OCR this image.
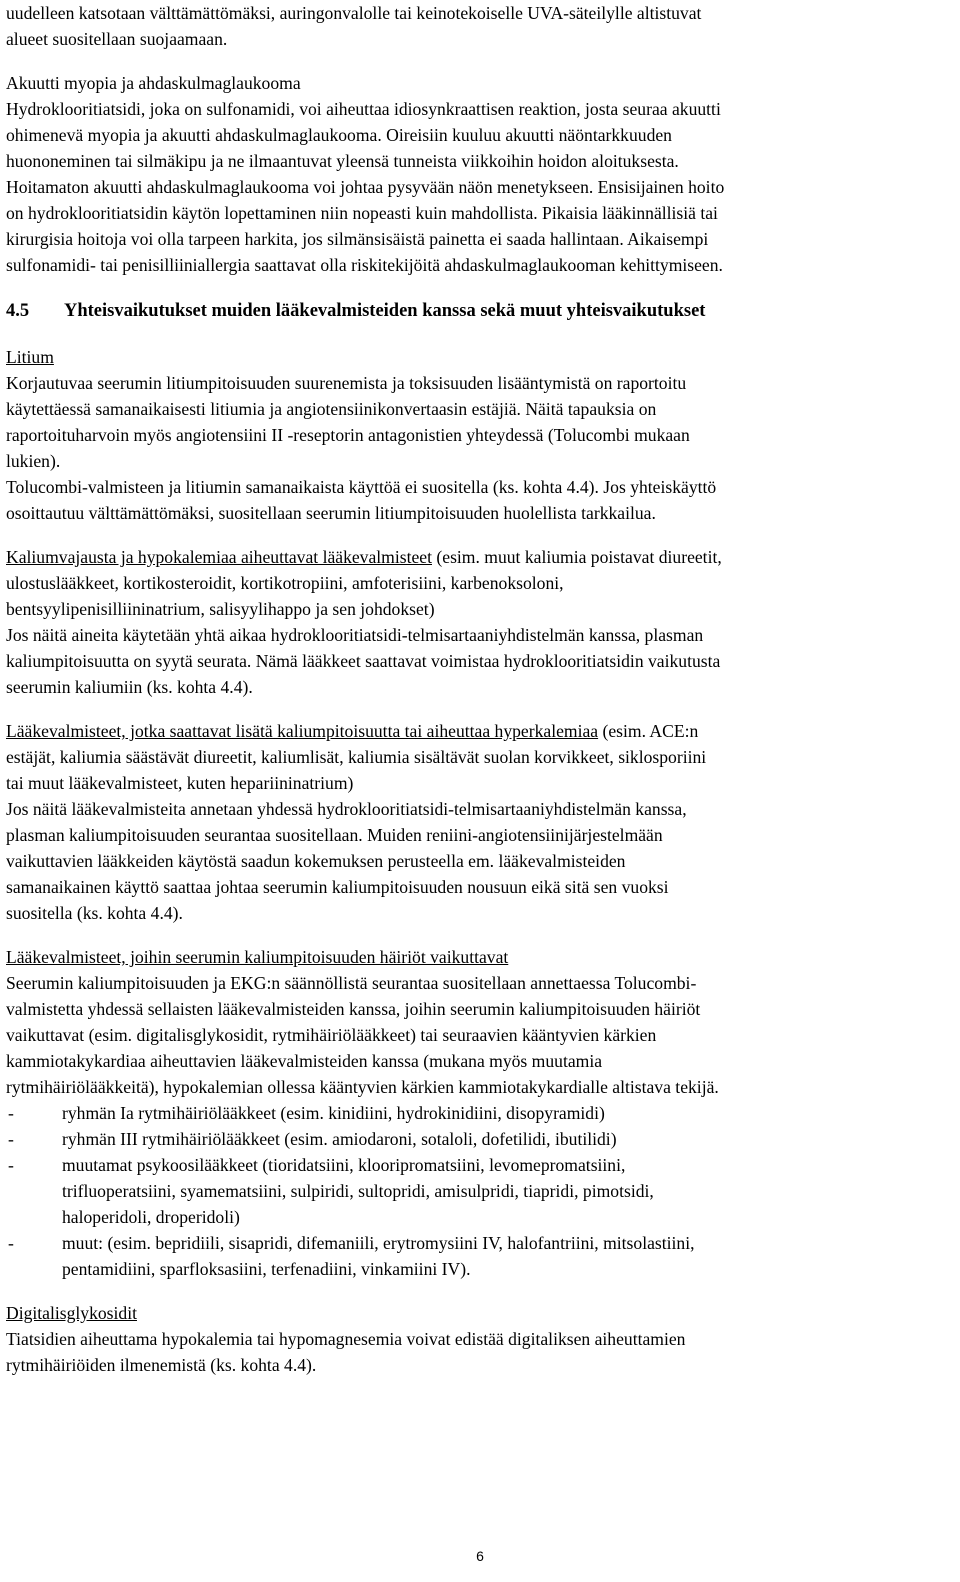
uudelleen katsotaan välttämättömäksi, auringonvalolle tai keinotekoiselle UVA-säteilylle altistuvat
alueet suositellaan suojaamaan.
Akuutti myopia ja ahdaskulmaglaukooma
Hydroklooritiatsidi, joka on sulfonamidi, voi aiheuttaa idiosynkraattisen reaktion, josta seuraa akuutti
ohimenevä myopia ja akuutti ahdaskulmaglaukooma. Oireisiin kuuluu akuutti näöntarkkuuden
huononeminen tai silmäkipu ja ne ilmaantuvat yleensä tunneista viikkoihin hoidon aloituksesta.
Hoitamaton akuutti ahdaskulmaglaukooma voi johtaa pysyvään näön menetykseen. Ensisijainen hoito
on hydroklooritiatsidin käytön lopettaminen niin nopeasti kuin mahdollista. Pikaisia lääkinnällisiä tai
kirurgisia hoitoja voi olla tarpeen harkita, jos silmänsisäistä painetta ei saada hallintaan. Aikaisempi
sulfonamidi- tai penisilliiniallergia saattavat olla riskitekijöitä ahdaskulmaglaukooman kehittymiseen.
4.5 Yhteisvaikutukset muiden lääkevalmisteiden kanssa sekä muut yhteisvaikutukset
Litium
Korjautuvaa seerumin litiumpitoisuuden suurenemista ja toksisuuden lisääntymistä on raportoitu
käytettäessä samanaikaisesti litiumia ja angiotensiinikonvertaasin estäjiä. Näitä tapauksia on
raportoituharvoin myös angiotensiini II -reseptorin antagonistien yhteydessä (Tolucombi mukaan
lukien).
Tolucombi-valmisteen ja litiumin samanaikaista käyttöä ei suositella (ks. kohta 4.4). Jos yhteiskäyttö
osoittautuu välttämättömäksi, suositellaan seerumin litiumpitoisuuden huolellista tarkkailua.
Kaliumvajausta ja hypokalemiaa aiheuttavat lääkevalmisteet (esim. muut kaliumia poistavat diureetit,
ulostuslääkkeet, kortikosteroidit, kortikotropiini, amfoterisiini, karbenoksoloni,
bentsyylipenisilliininatrium, salisyylihappo ja sen johdokset)
Jos näitä aineita käytetään yhtä aikaa hydroklooritiatsidi-telmisartaaniyhdistelmän kanssa, plasman
kaliumpitoisuutta on syytä seurata. Nämä lääkkeet saattavat voimistaa hydroklooritiatsidin vaikutusta
seerumin kaliumiin (ks. kohta 4.4).
Lääkevalmisteet, jotka saattavat lisätä kaliumpitoisuutta tai aiheuttaa hyperkalemiaa (esim. ACE:n
estäjät, kaliumia säästävät diureetit, kaliumlisät, kaliumia sisältävät suolan korvikkeet, siklosporiini
tai muut lääkevalmisteet, kuten hepariininatrium)
Jos näitä lääkevalmisteita annetaan yhdessä hydroklooritiatsidi-telmisartaaniyhdistelmän kanssa,
plasman kaliumpitoisuuden seurantaa suositellaan. Muiden reniini-angiotensiinijärjestelmään
vaikuttavien lääkkeiden käytöstä saadun kokemuksen perusteella em. lääkevalmisteiden
samanaikainen käyttö saattaa johtaa seerumin kaliumpitoisuuden nousuun eikä sitä sen vuoksi
suositella (ks. kohta 4.4).
Lääkevalmisteet, joihin seerumin kaliumpitoisuuden häiriöt vaikuttavat
Seerumin kaliumpitoisuuden ja EKG:n säännöllistä seurantaa suositellaan annettaessa Tolucombi-
valmistetta yhdessä sellaisten lääkevalmisteiden kanssa, joihin seerumin kaliumpitoisuuden häiriöt
vaikuttavat (esim. digitalisglykosidit, rytmihäiriölääkkeet) tai seuraavien kääntyvien kärkien
kammiotakykardiaa aiheuttavien lääkevalmisteiden kanssa (mukana myös muutamia
rytmihäiriölääkkeitä), hypokalemian ollessa kääntyvien kärkien kammiotakykardialle altistava tekijä.
-	ryhmän Ia rytmihäiriölääkkeet (esim. kinidiini, hydrokinidiini, disopyramidi)
-	ryhmän III rytmihäiriölääkkeet (esim. amiodaroni, sotaloli, dofetilidi, ibutilidi)
-	muutamat psykoosilääkkeet (tioridatsiini, klooripromatsiini, levomepromatsiini,
trifluoperatsiini, syamematsiini, sulpiridi, sultopridi, amisulpridi, tiapridi, pimotsidi,
haloperidoli, droperidoli)
-	muut: (esim. bepridiili, sisapridi, difemaniili, erytromysiini IV, halofantriini, mitsolastiini,
pentamidiini, sparfloksasiini, terfenadiini, vinkamiini IV).
Digitalisglykosidit
Tiatsidien aiheuttama hypokalemia tai hypomagnesemia voivat edistää digitaliksen aiheuttamien
rytmihäiriöiden ilmenemistä (ks. kohta 4.4).
6
